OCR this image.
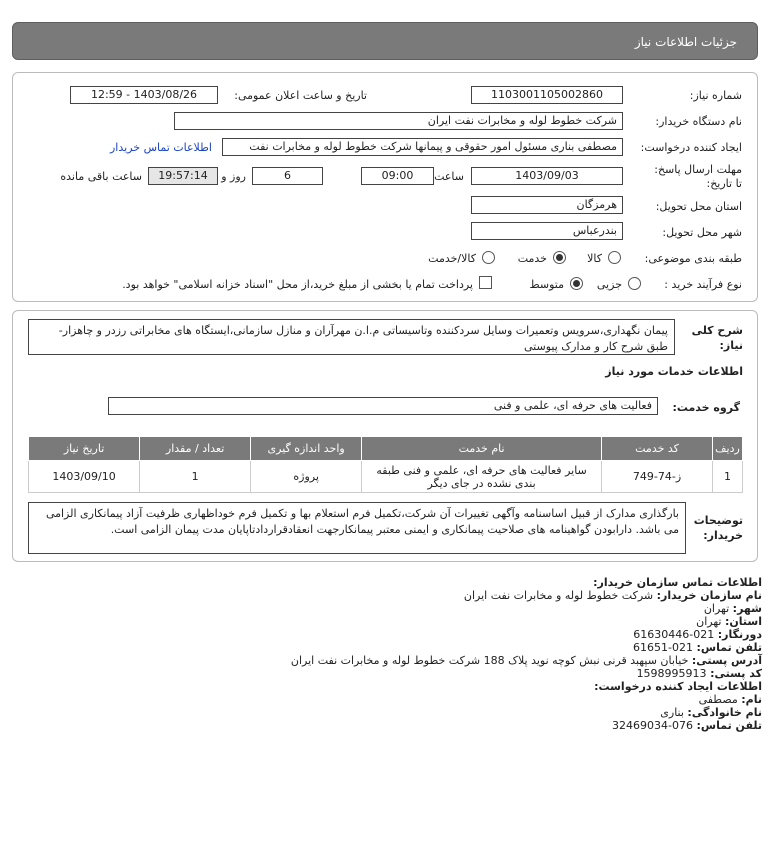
جزئیات اطلاعات نیاز
شماره نیاز:
1103001105002860
تاریخ و ساعت اعلان عمومی:
1403/08/26 - 12:59
نام دستگاه خریدار:
شرکت خطوط لوله و مخابرات نفت ایران
ایجاد کننده درخواست:
مصطفی بناری مسئول امور حقوقی و پیمانها شرکت خطوط لوله و مخابرات نفت
اطلاعات تماس خریدار
مهلت ارسال پاسخ: تا تاریخ:
1403/09/03
ساعت
09:00
6
روز و
19:57:14
ساعت باقی مانده
استان محل تحویل:
هرمزگان
شهر محل تحویل:
بندرعباس
طبقه بندی موضوعی:
کالا
خدمت
کالا/خدمت
نوع فرآیند خرید :
جزیی
متوسط
پرداخت تمام یا بخشی از مبلغ خرید،از محل "اسناد خزانه اسلامی" خواهد بود.
شرح کلی نیاز:
پیمان نگهداری،سرویس وتعمیرات وسایل سردکننده وتاسیساتی م.ا.ن مهرآران و منازل سازمانی،ایستگاه های مخابراتی رزدر و چاهزار- طبق شرح کار و مدارک پیوستی
اطلاعات خدمات مورد نیاز
گروه خدمت:
فعالیت های حرفه ای، علمی و فنی
ردیف	کد خدمت	نام خدمت	واحد اندازه گیری	تعداد / مقدار	تاریخ نیاز
1	ز-74-749	سایر فعالیت های حرفه ای، علمی و فنی طبقه بندی نشده در جای دیگر	پروژه	1	1403/09/10
توضیحات خریدار:
بارگذاری مدارک از قبیل اساسنامه وآگهی تغییرات آن شرکت،تکمیل فرم استعلام بها و تکمیل فرم خوداظهاری ظرفیت آزاد پیمانکاری الزامی می باشد. دارابودن گواهینامه های صلاحیت پیمانکاری و ایمنی معتبر پیمانکارجهت انعقادقراردادتاپایان مدت پیمان الزامی است.
اطلاعات تماس سازمان خریدار:
نام سازمان خریدار: شرکت خطوط لوله و مخابرات نفت ایران
شهر: تهران
استان: تهران
دورنگار: 021-61630446
تلفن تماس: 021-61651
آدرس پستی: خیابان سپهبد قرنی نبش کوچه نوید پلاک 188 شرکت خطوط لوله و مخابرات نفت ایران
کد پستی: 1598995913
اطلاعات ایجاد کننده درخواست:
نام: مصطفی
نام خانوادگی: بناری
تلفن تماس: 076-32469034
